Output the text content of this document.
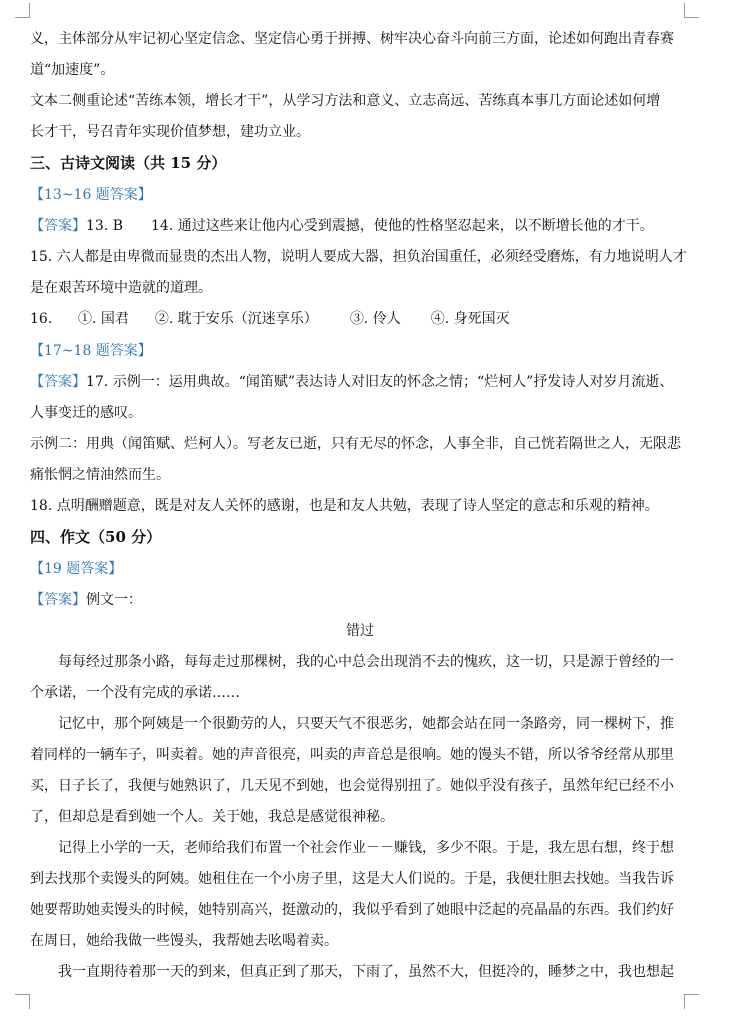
义，主体部分从牢记初心坚定信念、坚定信心勇于拼搏、树牢决心奋斗向前三方面，论述如何跑出青春赛
道“加速度”。
文本二侧重论述“苦练本领，增长才干”，从学习方法和意义、立志高远、苦练真本事几方面论述如何增
长才干，号召青年实现价值梦想，建功立业。
三、古诗文阅读（共 15 分）
【13~16 题答案】
【答案】13. B 14. 通过这些来让他内心受到震撼，使他的性格坚忍起来，以不断增长他的才干。
15. 六人都是由卑微而显贵的杰出人物，说明人要成大器，担负治国重任，必须经受磨炼，有力地说明人才
是在艰苦环境中造就的道理。
16. ①. 国君 ②. 耽于安乐（沉迷享乐） ③. 伶人 ④. 身死国灭
【17~18 题答案】
【答案】17. 示例一：运用典故。“闻笛赋”表达诗人对旧友的怀念之情；“烂柯人”抒发诗人对岁月流逝、
人事变迁的感叹。
示例二：用典（闻笛赋、烂柯人）。写老友已逝，只有无尽的怀念，人事全非，自己恍若隔世之人，无限悲
痛怅惘之情油然而生。
18. 点明酬赠题意，既是对友人关怀的感谢，也是和友人共勉，表现了诗人坚定的意志和乐观的精神。
四、作文（50 分）
【19 题答案】
【答案】例文一：
错过
每每经过那条小路，每每走过那棵树，我的心中总会出现消不去的愧疚，这一切，只是源于曾经的一
个承诺，一个没有完成的承诺……
记忆中，那个阿姨是一个很勤劳的人，只要天气不很恶劣，她都会站在同一条路旁，同一棵树下，推
着同样的一辆车子，叫卖着。她的声音很亮，叫卖的声音总是很响。她的馒头不错，所以爷爷经常从那里
买，日子长了，我便与她熟识了，几天见不到她，也会觉得别扭了。她似乎没有孩子，虽然年纪已经不小
了，但却总是看到她一个人。关于她，我总是感觉很神秘。
记得上小学的一天，老师给我们布置一个社会作业－－赚钱，多少不限。于是，我左思右想，终于想
到去找那个卖馒头的阿姨。她租住在一个小房子里，这是大人们说的。于是，我便壮胆去找她。当我告诉
她要帮助她卖馒头的时候，她特别高兴，挺激动的，我似乎看到了她眼中泛起的亮晶晶的东西。我们约好
在周日，她给我做一些馒头，我帮她去吆喝着卖。
我一直期待着那一天的到来，但真正到了那天，下雨了，虽然不大，但挺冷的，睡梦之中，我也想起
